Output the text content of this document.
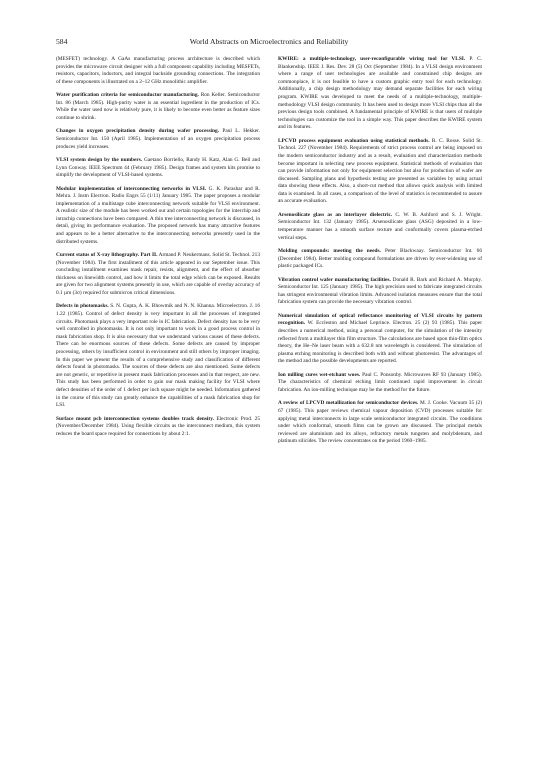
584	World Abstracts on Microelectronics and Reliability

(MESFET) technology. A GaAs manufacturing process architecture is described which provides the microwave circuit designer with a full component capability including MESFETs, resistors, capacitors, inductors, and integral backside grounding connections. The integration of these components is illustrated on a 2–12 GHz monolithic amplifier.

Water purification criteria for semiconductor manufacturing. Ron Keller. Semiconductor Int. 86 (March 1985). High-purity water is an essential ingredient in the production of ICs. While the water used now is relatively pure, it is likely to become even better as feature sizes continue to shrink.

Changes in oxygen precipitation density during wafer processing. Paul L. Hekker. Semiconductor Int. 150 (April 1985). Implementation of an oxygen precipitation process produces yield increases.

VLSI system design by the numbers. Gaetano Borriello, Randy H. Katz, Alan G. Bell and Lynn Conway. IEEE Spectrum 44 (February 1985). Design frames and system kits promise to simplify the development of VLSI-based systems.

Modular implementation of interconnecting networks in VLSI. G. K. Parashar and R. Mehra. J. Instn Electron. Radio Engrs 55 (1/11) January 1985. The paper proposes a modular implementation of a multistage cube interconnecting network suitable for VLSI environment. A realistic size of the module has been worked out and certain topologies for the interchip and intrachip connections have been compared. A thin tree interconnecting network is discussed, in detail, giving its performance evaluation. The proposed network has many attractive features and appears to be a better alternative to the interconnecting networks presently used in the distributed systems.

Current status of X-ray lithography. Part II. Armand P. Neukermans. Solid St. Technol. 213 (November 1984). The first installment of this article appeared in our September issue. This concluding installment examines mask repair, resists, alignment, and the effect of absorber thickness on linewidth control, and how it limits the total edge which can be exposed. Results are given for two alignment systems presently in use, which are capable of overlay accuracy of 0.1 µm (3σ) required for submicron critical dimensions.

Defects in photomasks. S. N. Gupta, A. K. Bhowmik and N. N. Khanna. Microelectron. J. 16 1.22 (1985). Control of defect density is very important in all the processes of integrated circuits. Photomask plays a very important role in IC fabrication. Defect density has to be very well controlled in photomasks. It is not only important to work in a good process control in mask fabrication shop. It is also necessary that we understand various causes of these defects. There can be enormous sources of these defects. Some defects are caused by improper processing, others by insufficient control in environment and still others by improper imaging. In this paper we present the results of a comprehensive study and classification of different defects found in photomasks. The sources of these defects are also mentioned. Some defects are not generic, or repetitive in present mask fabrication processes and in that respect, are new. This study has been performed in order to gain our mask making facility for VLSI where defect densities of the order of 1 defect per inch square might be needed. Information gathered in the course of this study can greatly enhance the capabilities of a mask fabrication shop for LSI.

Surface mount pcb interconnection systems doubles track density. Electronic Prod. 25 (November/December 1984). Using flexible circuits as the interconnect medium, this system reduces the board space required for connections by about 2:1.

KWIRE: a multiple-technology, user-reconfigurable wiring tool for VLSI. P. C. Blankenship. IEEE J. Res. Dev. 28 (5) Oct (September 1984). In a VLSI design environment where a range of user technologies are available and constrained chip designs are commonplace, it is not feasible to have a custom graphic entry tool for each technology. Additionally, a chip design methodology may demand separate facilities for each wiring program. KWIRE was developed to meet the needs of a multiple-technology, multiple-methodology VLSI design community. It has been used to design more VLSI chips than all the previous design tools combined. A fundamental principle of KWIRE is that users of multiple technologies can customize the tool in a simple way. This paper describes the KWIRE system and its features.

LPCVD process equipment evaluation using statistical methods. R. C. Rosse. Solid St. Technol. 227 (November 1984). Requirements of strict process control are being imposed on the modern semiconductor industry and as a result, evaluation and characterization methods become important in selecting new process equipment. Statistical methods of evaluation that can provide information not only for equipment selection but also for production of wafer are discussed. Sampling plans and hypothesis testing are presented as variables by using actual data showing these effects. Also, a short-cut method that allows quick analysis with limited data is examined. In all cases, a comparison of the level of statistics is recommended to assure an accurate evaluation.

Arsenosilicate glass as an interlayer dielectric. C. W. B. Ashford and S. J. Wright. Semiconductor Int. 132 (January 1985). Arsenosilicate glass (ASG) deposited in a low-temperature manner has a smooth surface texture and conformally covers plasma-etched vertical steps.

Molding compounds: meeting the needs. Peter Blackwaay. Semiconductor Int. 66 (December 1984). Better molding compound formulations are driven by ever-widening use of plastic packaged ICs.

Vibration control wafer manufacturing facilities. Donald R. Bark and Richard A. Murphy. Semiconductor Int. 125 (January 1985). The high precision used to fabricate integrated circuits has stringent environmental vibration limits. Advanced isolation measures ensure that the total fabrication system can provide the necessary vibration control.

Numerical simulation of optical reflectance monitoring of VLSI circuits by pattern recognition. W. Eccleston and Michael Leprince. Electron. 25 (2) 93 (1985). This paper describes a numerical method, using a personal computer, for the simulation of the intensity reflected from a multilayer thin film structure. The calculations are based upon thin-film optics theory, the He–Ne laser beam with a 632.8 nm wavelength is considered. The simulation of plasma etching monitoring is described both with and without photoresist. The advantages of the method and the possible developments are reported.

Ion milling cures wet-etchant woes. Paul C. Ponsonby. Microwaves RF 93 (January 1985). The characteristics of chemical etching limit continued rapid improvement in circuit fabrication. An ion-milling technique may be the method for the future.

A review of LPCVD metallization for semiconductor devices. M. J. Cooke. Vacuum 35 (2) 67 (1985). This paper reviews chemical vapour deposition (CVD) processes suitable for applying metal interconnects in large scale semiconductor integrated circuits. The conditions under which conformal, smooth films can be grown are discussed. The principal metals reviewed are aluminium and its alloys, refractory metals tungsten and molybdenum, and platinum silicides. The review concentrates on the period 1960–1985.
